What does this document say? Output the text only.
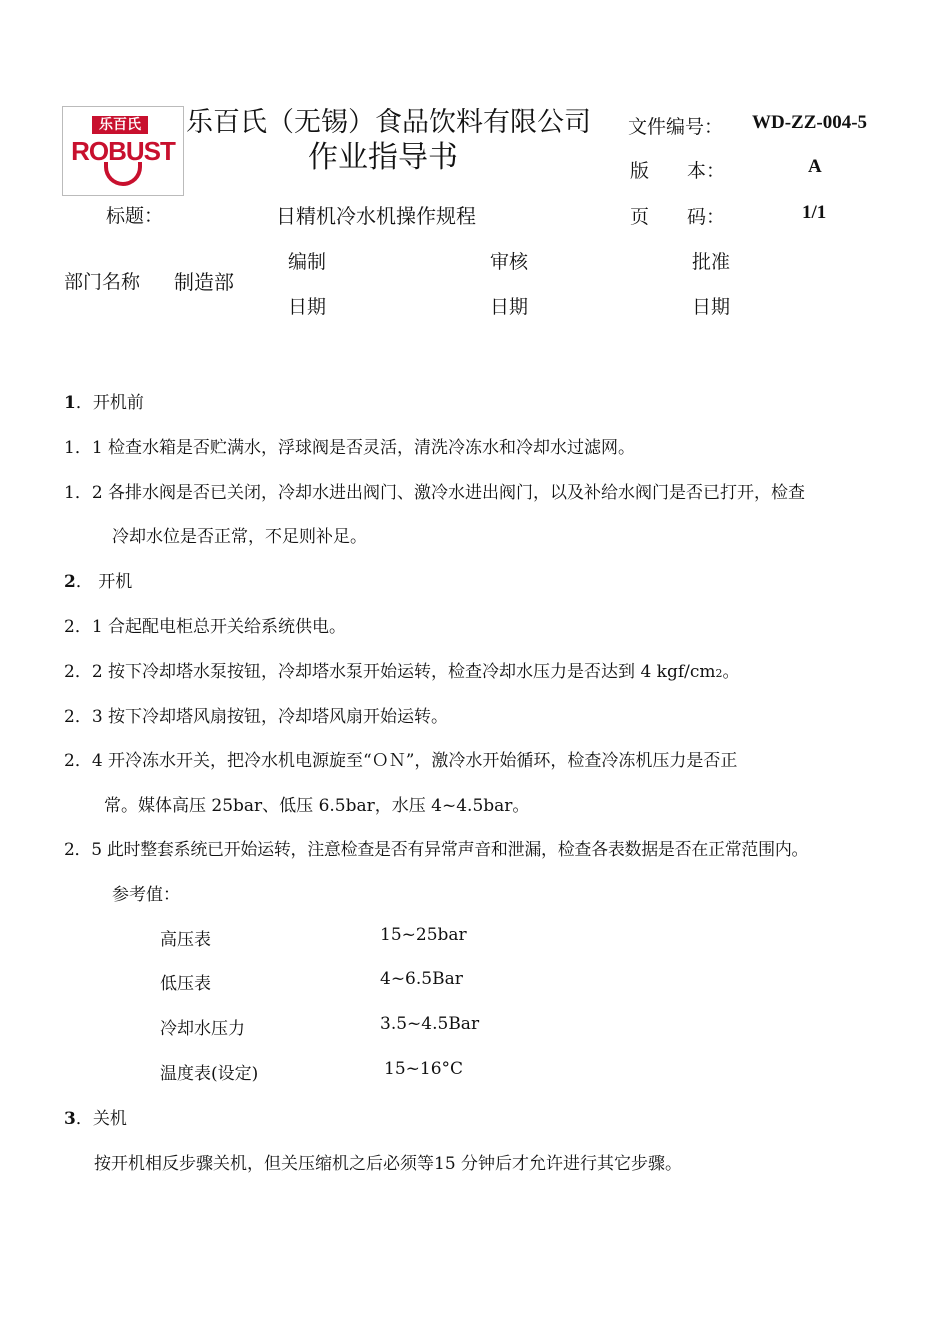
乐百氏
ROBUST
乐百氏（无锡）食品饮料有限公司
作业指导书
文件编号： WD-ZZ-004-5
版　　本：	A
页　　码：	1/1
标题：	日精机冷水机操作规程
部门名称 制造部
编制	审核	批准
日期	日期	日期
1．开机前
1．1 检查水箱是否贮满水，浮球阀是否灵活，清洗冷冻水和冷却水过滤网。
1．2 各排水阀是否已关闭，冷却水进出阀门、激冷水进出阀门，以及补给水阀门是否已打开，检查
冷却水位是否正常，不足则补足。
2． 开机
2．1 合起配电柜总开关给系统供电。
2．2 按下冷却塔水泵按钮，冷却塔水泵开始运转，检查冷却水压力是否达到 4 kgf/cm2。
2．3 按下冷却塔风扇按钮，冷却塔风扇开始运转。
2．4 开冷冻水开关，把冷水机电源旋至“ＯＮ”，激冷水开始循环，检查冷冻机压力是否正
常。媒体高压 25bar、低压 6.5bar，水压 4~4.5bar。
2．5 此时整套系统已开始运转，注意检查是否有异常声音和泄漏，检查各表数据是否在正常范围内。
参考值：
高压表	15~25bar
低压表	4~6.5Bar
冷却水压力	3.5~4.5Bar
温度表(设定)	15~16°C
3．关机
按开机相反步骤关机，但关压缩机之后必须等15 分钟后才允许进行其它步骤。
